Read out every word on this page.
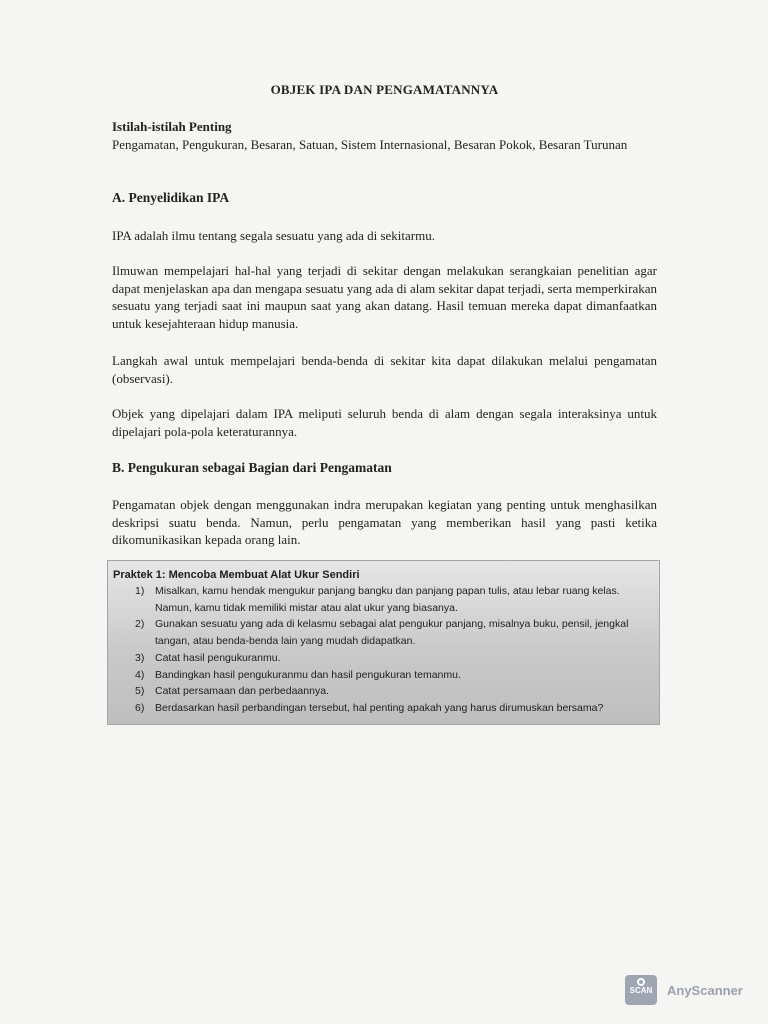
OBJEK IPA DAN PENGAMATANNYA
Istilah-istilah Penting
Pengamatan, Pengukuran, Besaran, Satuan, Sistem Internasional, Besaran Pokok, Besaran Turunan
A. Penyelidikan IPA

IPA adalah ilmu tentang segala sesuatu yang ada di sekitarmu.

Ilmuwan mempelajari hal-hal yang terjadi di sekitar dengan melakukan serangkaian penelitian agar dapat menjelaskan apa dan mengapa sesuatu yang ada di alam sekitar dapat terjadi, serta memperkirakan sesuatu yang terjadi saat ini maupun saat yang akan datang. Hasil temuan mereka dapat dimanfaatkan untuk kesejahteraan hidup manusia.

Langkah awal untuk mempelajari benda-benda di sekitar kita dapat dilakukan melalui pengamatan (observasi).

Objek yang dipelajari dalam IPA meliputi seluruh benda di alam dengan segala interaksinya untuk dipelajari pola-pola keteraturannya.

B. Pengukuran sebagai Bagian dari Pengamatan

Pengamatan objek dengan menggunakan indra merupakan kegiatan yang penting untuk menghasilkan deskripsi suatu benda. Namun, perlu pengamatan yang memberikan hasil yang pasti ketika dikomunikasikan kepada orang lain.

Praktek 1: Mencoba Membuat Alat Ukur Sendiri
1) Misalkan, kamu hendak mengukur panjang bangku dan panjang papan tulis, atau lebar ruang kelas. Namun, kamu tidak memiliki mistar atau alat ukur yang biasanya.
2) Gunakan sesuatu yang ada di kelasmu sebagai alat pengukur panjang, misalnya buku, pensil, jengkal tangan, atau benda-benda lain yang mudah didapatkan.
3) Catat hasil pengukuranmu.
4) Bandingkan hasil pengukuranmu dan hasil pengukuran temanmu.
5) Catat persamaan dan perbedaannya.
6) Berdasarkan hasil perbandingan tersebut, hal penting apakah yang harus dirumuskan bersama?
SCAN	AnyScanner
